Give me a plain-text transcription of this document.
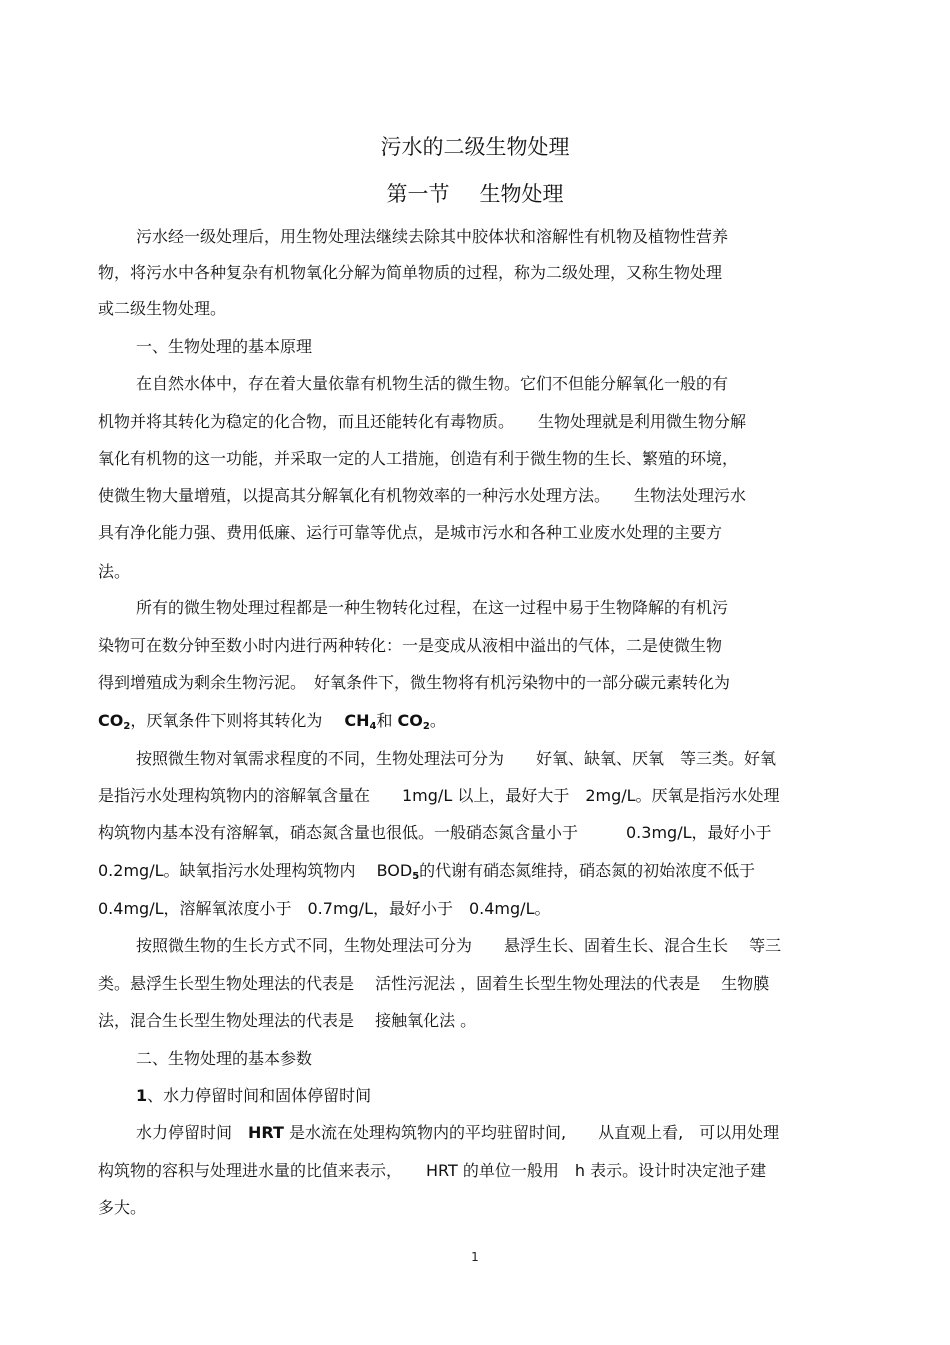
污水的二级生物处理
第一节 生物处理
污水经一级处理后，用生物处理法继续去除其中胶体状和溶解性有机物及植物性营养
物，将污水中各种复杂有机物氧化分解为简单物质的过程，称为二级处理，又称生物处理
或二级生物处理。
一、生物处理的基本原理
在自然水体中，存在着大量依靠有机物生活的微生物。它们不但能分解氧化一般的有
机物并将其转化为稳定的化合物，而且还能转化有毒物质。　　生物处理就是利用微生物分解
氧化有机物的这一功能，并采取一定的人工措施，创造有利于微生物的生长、繁殖的环境，
使微生物大量增殖，以提高其分解氧化有机物效率的一种污水处理方法。　　生物法处理污水
具有净化能力强、费用低廉、运行可靠等优点，是城市污水和各种工业废水处理的主要方
法。
所有的微生物处理过程都是一种生物转化过程，在这一过程中易于生物降解的有机污
染物可在数分钟至数小时内进行两种转化：一是变成从液相中溢出的气体，二是使微生物
得到增殖成为剩余生物污泥。　好氧条件下，微生物将有机污染物中的一部分碳元素转化为
$CO_2$，厌氧条件下则将其转化为 $CH_4$和 $CO_2$。
按照微生物对氧需求程度的不同，生物处理法可分为　　好氧、缺氧、厌氧　等三类。好氧
是指污水处理构筑物内的溶解氧含量在　　1mg/L 以上，最好大于　2mg/L。厌氧是指污水处理
构筑物内基本没有溶解氧，硝态氮含量也很低。一般硝态氮含量小于　　　0.3mg/L，最好小于
0.2mg/L。缺氧指污水处理构筑物内　 $BOD_5$的代谢有硝态氮维持，硝态氮的初始浓度不低于
0.4mg/L，溶解氧浓度小于　0.7mg/L，最好小于　0.4mg/L。
按照微生物的生长方式不同，生物处理法可分为　　悬浮生长、固着生长、混合生长　 等三
类。悬浮生长型生物处理法的代表是　 活性污泥法 ，固着生长型生物处理法的代表是　 生物膜
法，混合生长型生物处理法的代表是　 接触氧化法 。
二、生物处理的基本参数
1、水力停留时间和固体停留时间
水力停留时间　HRT 是水流在处理构筑物内的平均驻留时间,　　从直观上看,　可以用处理
构筑物的容积与处理进水量的比值来表示，　　HRT 的单位一般用　h 表示。设计时决定池子建
多大。
1
